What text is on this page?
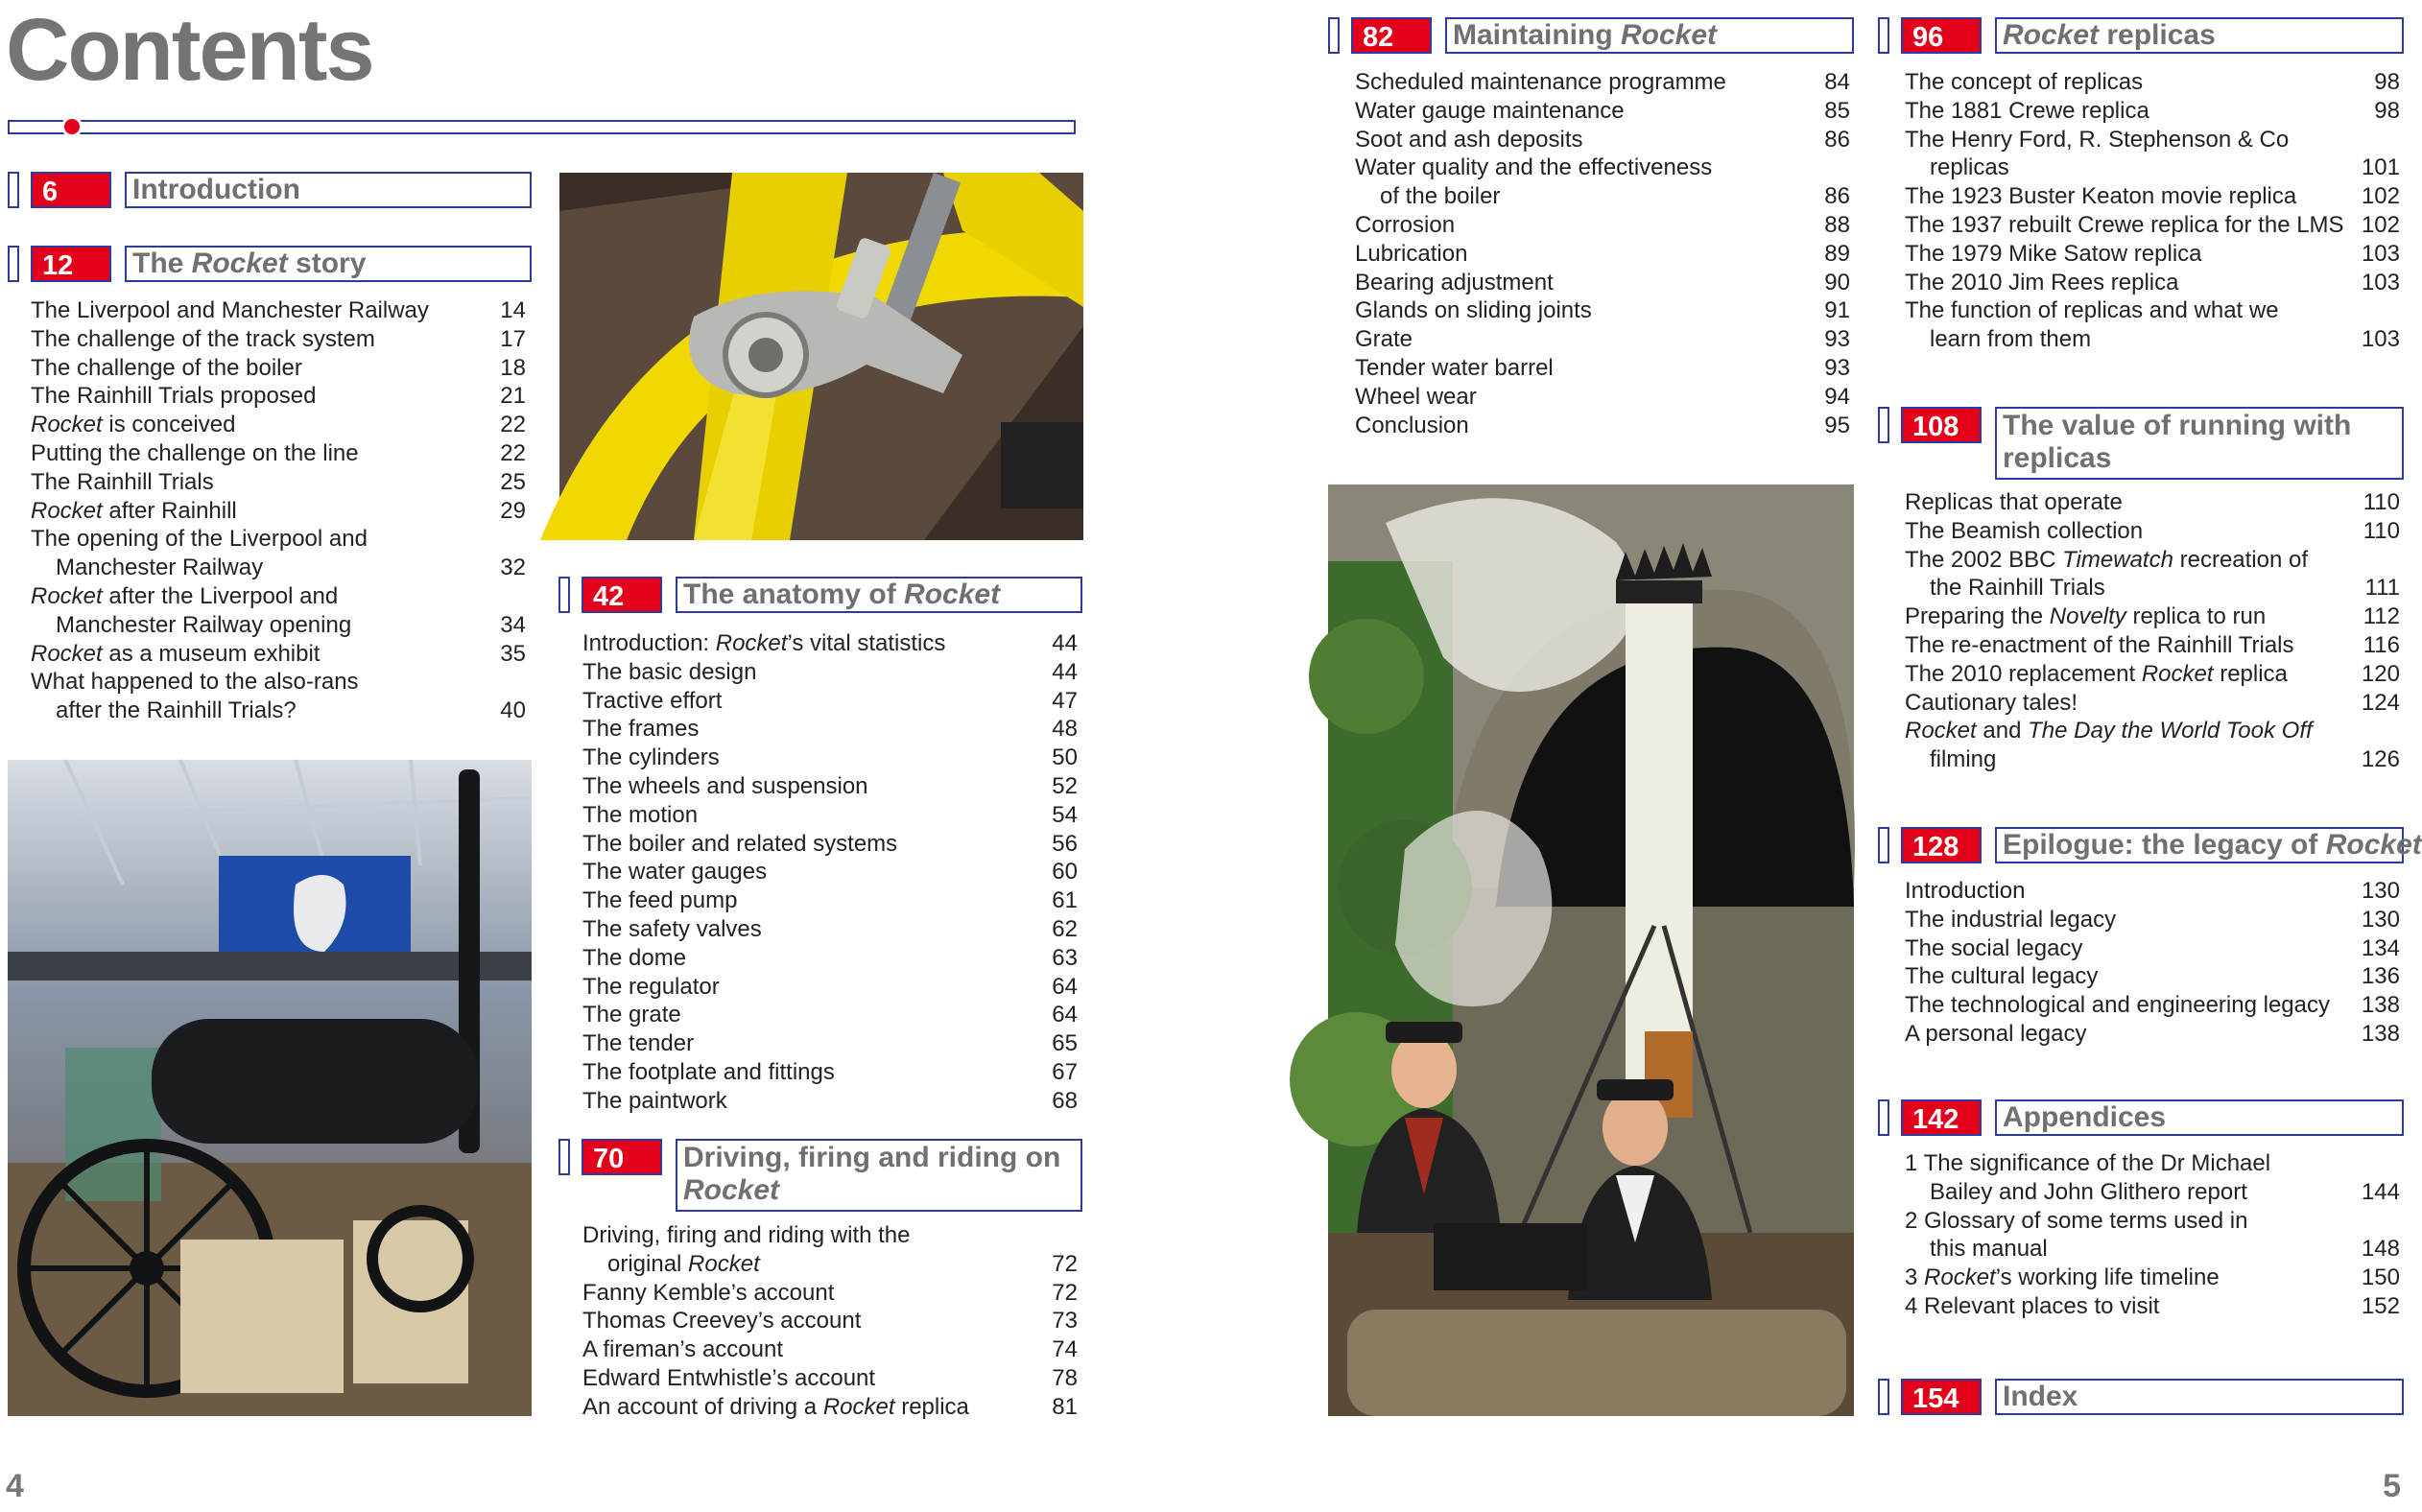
Contents
6	Introduction
12	The Rocket story
The Liverpool and Manchester Railway	14
The challenge of the track system	17
The challenge of the boiler	18
The Rainhill Trials proposed	21
Rocket is conceived	22
Putting the challenge on the line	22
The Rainhill Trials	25
Rocket after Rainhill	29
The opening of the Liverpool and
Manchester Railway	32
Rocket after the Liverpool and
Manchester Railway opening	34
Rocket as a museum exhibit	35
What happened to the also-rans
after the Rainhill Trials?	40
42	The anatomy of Rocket
Introduction: Rocket’s vital statistics	44
The basic design	44
Tractive effort	47
The frames	48
The cylinders	50
The wheels and suspension	52
The motion	54
The boiler and related systems	56
The water gauges	60
The feed pump	61
The safety valves	62
The dome	63
The regulator	64
The grate	64
The tender	65
The footplate and fittings	67
The paintwork	68
70	Driving, firing and riding on
Rocket
Driving, firing and riding with the
original Rocket	72
Fanny Kemble’s account	72
Thomas Creevey’s account	73
A fireman’s account	74
Edward Entwhistle’s account	78
An account of driving a Rocket replica	81
82	Maintaining Rocket
Scheduled maintenance programme	84
Water gauge maintenance	85
Soot and ash deposits	86
Water quality and the effectiveness
of the boiler	86
Corrosion	88
Lubrication	89
Bearing adjustment	90
Glands on sliding joints	91
Grate	93
Tender water barrel	93
Wheel wear	94
Conclusion	95
96	Rocket replicas
The concept of replicas	98
The 1881 Crewe replica	98
The Henry Ford, R. Stephenson & Co
replicas	101
The 1923 Buster Keaton movie replica	102
The 1937 rebuilt Crewe replica for the LMS 102
The 1979 Mike Satow replica	103
The 2010 Jim Rees replica	103
The function of replicas and what we
learn from them	103
108	The value of running with
replicas
Replicas that operate	110
The Beamish collection	110
The 2002 BBC Timewatch recreation of
the Rainhill Trials	111
Preparing the Novelty replica to run	112
The re-enactment of the Rainhill Trials	116
The 2010 replacement Rocket replica	120
Cautionary tales!	124
Rocket and The Day the World Took Off
filming	126
128	Epilogue: the legacy of Rocket
Introduction	130
The industrial legacy	130
The social legacy	134
The cultural legacy	136
The technological and engineering legacy	138
A personal legacy	138
142	Appendices
1 The significance of the Dr Michael
Bailey and John Glithero report	144
2 Glossary of some terms used in
this manual	148
3 Rocket’s working life timeline	150
4 Relevant places to visit	152
154	Index
4	5
